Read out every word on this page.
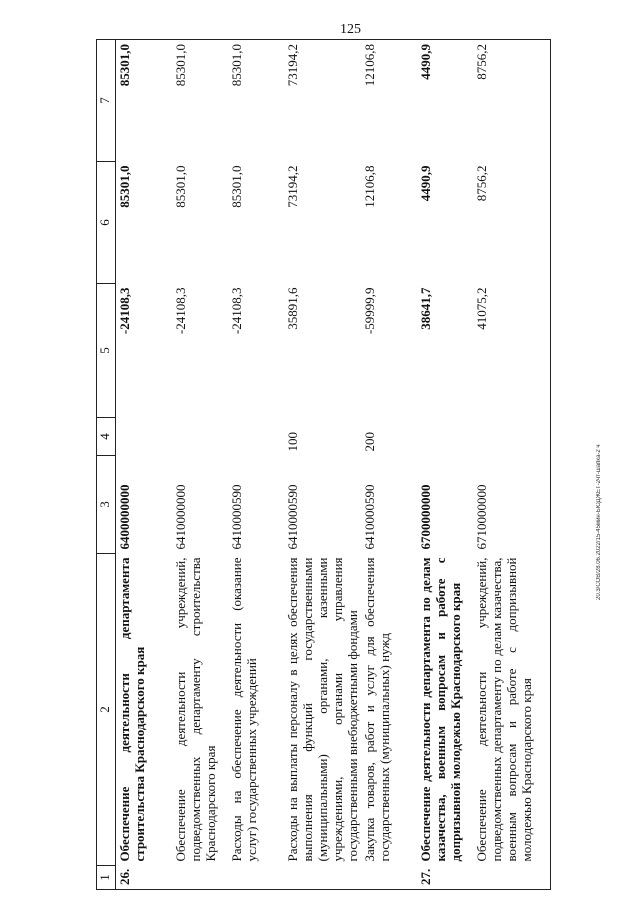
125
20.3/СОВ/28.06.2022/15-45мин-БЮДЖЕТ-2чт-шапка-2 ч
1	2	3	4	5	6	7
26.	Обеспечение деятельности департамента строительства Краснодарского края	6400000000		-24108,3	85301,0	85301,0
	Обеспечение деятельности учреждений, подведомственных департаменту строительства Краснодарского края	6410000000		-24108,3	85301,0	85301,0
	Расходы на обеспечение деятельности (оказание услуг) государственных учреждений	6410000590		-24108,3	85301,0	85301,0
	Расходы на выплаты персоналу в целях обеспечения выполнения функций государственными (муниципальными) органами, казенными учреждениями, органами управления государственными внебюджетными фондами	6410000590	100	35891,6	73194,2	73194,2
	Закупка товаров, работ и услуг для обеспечения государственных (муниципальных) нужд	6410000590	200	-59999,9	12106,8	12106,8
27.	Обеспечение деятельности департамента по делам казачества, военным вопросам и работе с допризывной молодежью Краснодарского края	6700000000		38641,7	4490,9	4490,9
	Обеспечение деятельности учреждений, подведомственных департаменту по делам казачества, военным вопросам и работе с допризывной молодежью Краснодарского края	6710000000		41075,2	8756,2	8756,2
